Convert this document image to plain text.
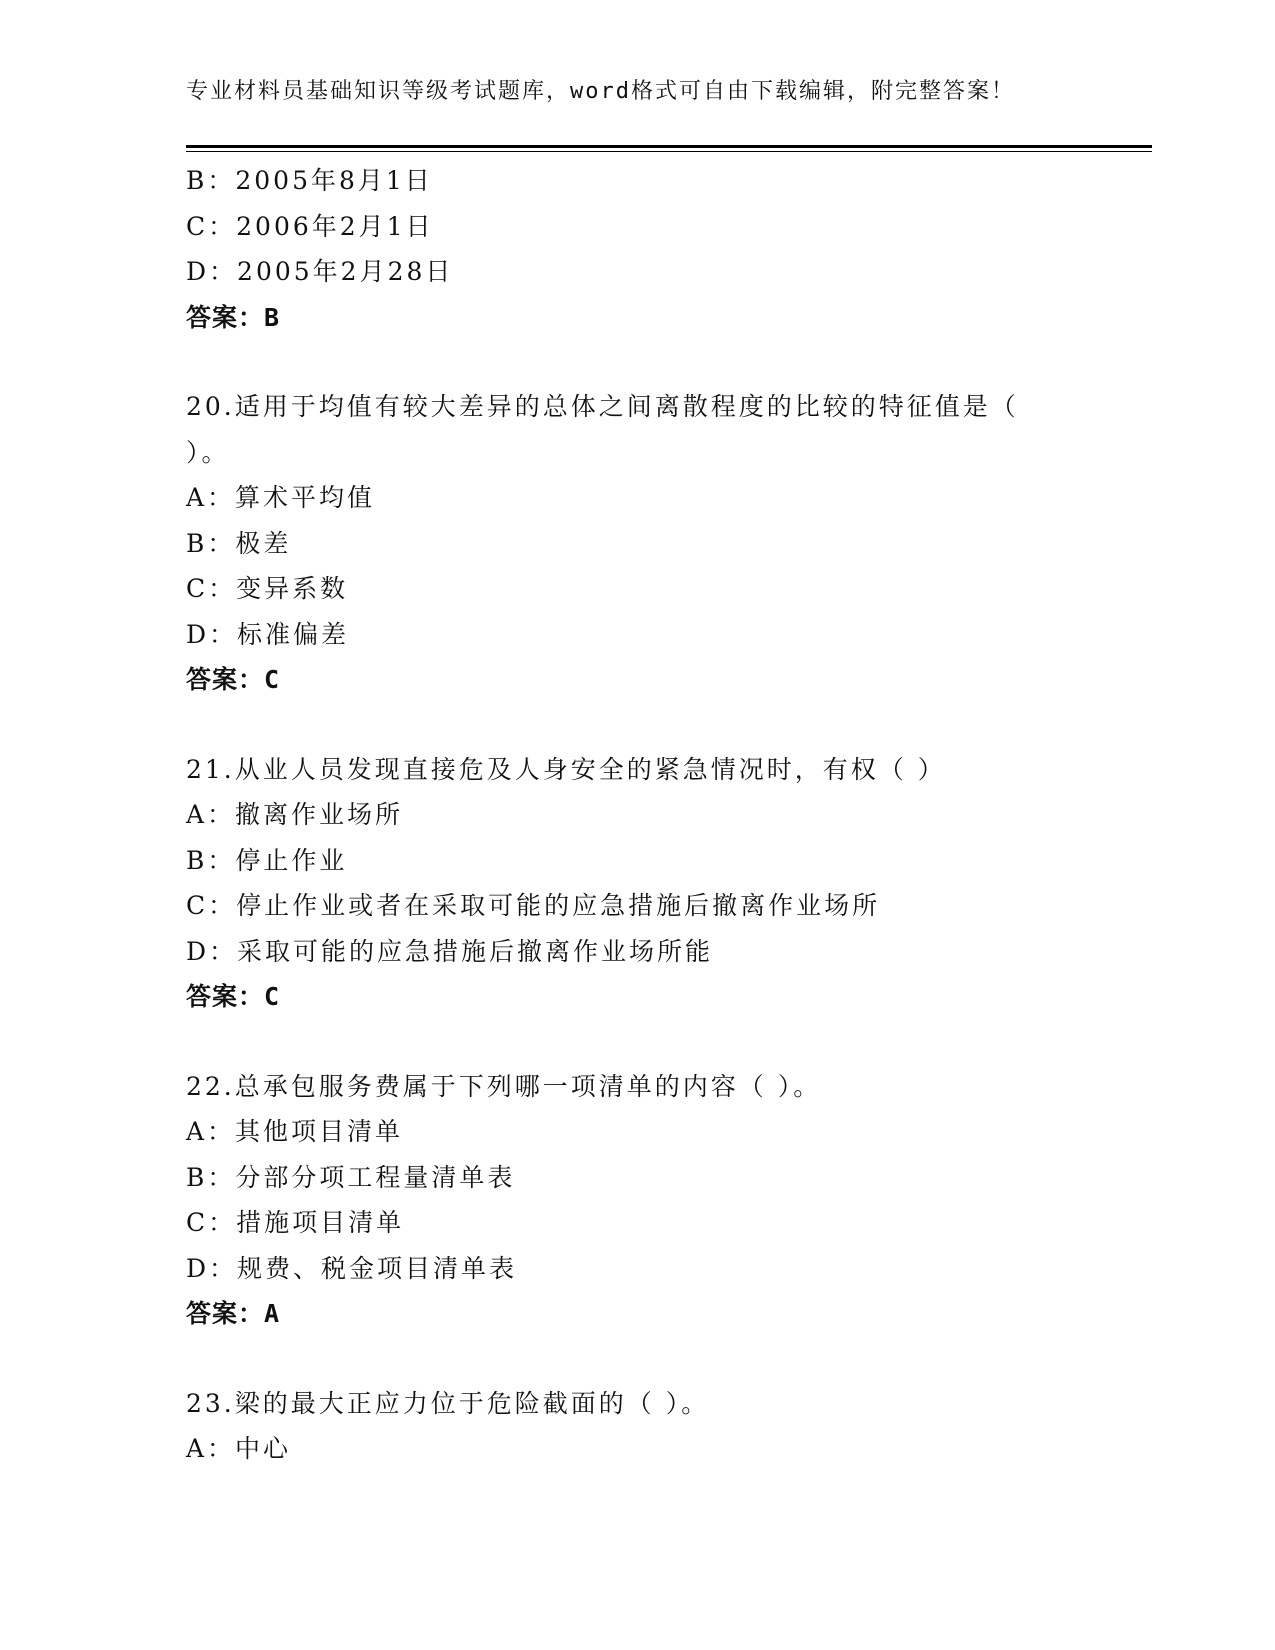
专业材料员基础知识等级考试题库，word格式可自由下载编辑，附完整答案！
B：2005年8月1日
C：2006年2月1日
D：2005年2月28日
答案：B
20.适用于均值有较大差异的总体之间离散程度的比较的特征值是（
）。
A：算术平均值
B：极差
C：变异系数
D：标准偏差
答案：C
21.从业人员发现直接危及人身安全的紧急情况时，有权（ ）
A：撤离作业场所
B：停止作业
C：停止作业或者在采取可能的应急措施后撤离作业场所
D：采取可能的应急措施后撤离作业场所能
答案：C
22.总承包服务费属于下列哪一项清单的内容（ ）。
A：其他项目清单
B：分部分项工程量清单表
C：措施项目清单
D：规费、税金项目清单表
答案：A
23.梁的最大正应力位于危险截面的（ ）。
A：中心
